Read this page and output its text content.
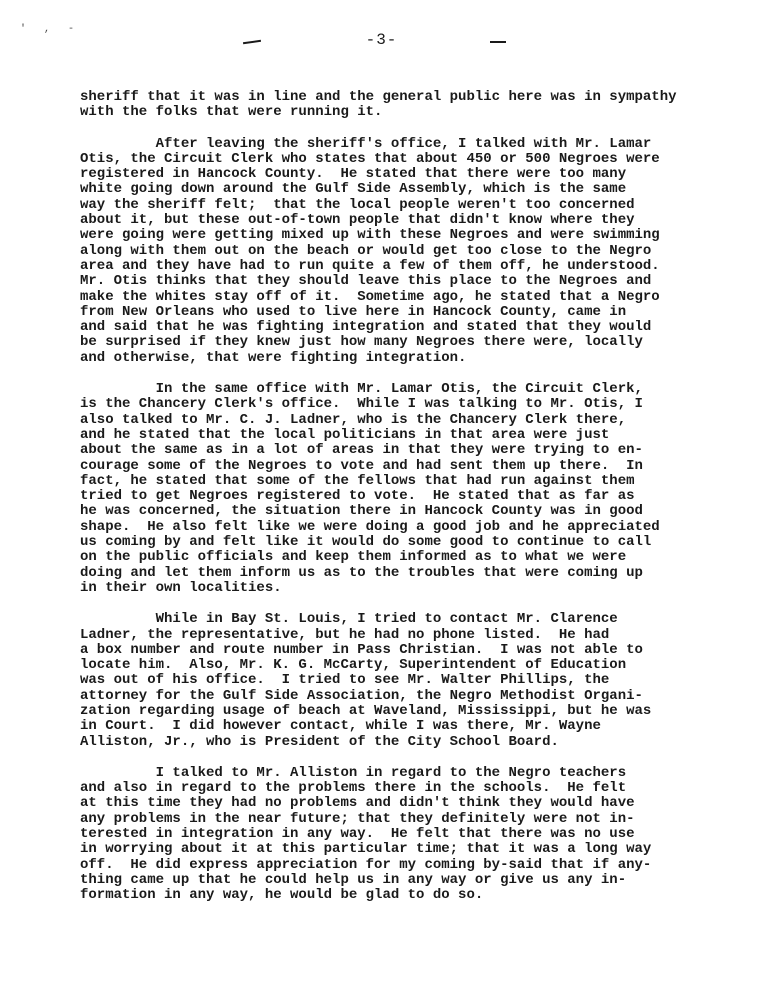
' , -
-3-
sheriff that it was in line and the general public here was in sympathy
with the folks that were running it.
After leaving the sheriff's office, I talked with Mr. Lamar
Otis, the Circuit Clerk who states that about 450 or 500 Negroes were
registered in Hancock County.  He stated that there were too many
white going down around the Gulf Side Assembly, which is the same
way the sheriff felt;  that the local people weren't too concerned
about it, but these out-of-town people that didn't know where they
were going were getting mixed up with these Negroes and were swimming
along with them out on the beach or would get too close to the Negro
area and they have had to run quite a few of them off, he understood.
Mr. Otis thinks that they should leave this place to the Negroes and
make the whites stay off of it.  Sometime ago, he stated that a Negro
from New Orleans who used to live here in Hancock County, came in
and said that he was fighting integration and stated that they would
be surprised if they knew just how many Negroes there were, locally
and otherwise, that were fighting integration.
In the same office with Mr. Lamar Otis, the Circuit Clerk,
is the Chancery Clerk's office.  While I was talking to Mr. Otis, I
also talked to Mr. C. J. Ladner, who is the Chancery Clerk there,
and he stated that the local politicians in that area were just
about the same as in a lot of areas in that they were trying to en-
courage some of the Negroes to vote and had sent them up there.  In
fact, he stated that some of the fellows that had run against them
tried to get Negroes registered to vote.  He stated that as far as
he was concerned, the situation there in Hancock County was in good
shape.  He also felt like we were doing a good job and he appreciated
us coming by and felt like it would do some good to continue to call
on the public officials and keep them informed as to what we were
doing and let them inform us as to the troubles that were coming up
in their own localities.
While in Bay St. Louis, I tried to contact Mr. Clarence
Ladner, the representative, but he had no phone listed.  He had
a box number and route number in Pass Christian.  I was not able to
locate him.  Also, Mr. K. G. McCarty, Superintendent of Education
was out of his office.  I tried to see Mr. Walter Phillips, the
attorney for the Gulf Side Association, the Negro Methodist Organi-
zation regarding usage of beach at Waveland, Mississippi, but he was
in Court.  I did however contact, while I was there, Mr. Wayne
Alliston, Jr., who is President of the City School Board.
I talked to Mr. Alliston in regard to the Negro teachers
and also in regard to the problems there in the schools.  He felt
at this time they had no problems and didn't think they would have
any problems in the near future; that they definitely were not in-
terested in integration in any way.  He felt that there was no use
in worrying about it at this particular time; that it was a long way
off.  He did express appreciation for my coming by-said that if any-
thing came up that he could help us in any way or give us any in-
formation in any way, he would be glad to do so.
